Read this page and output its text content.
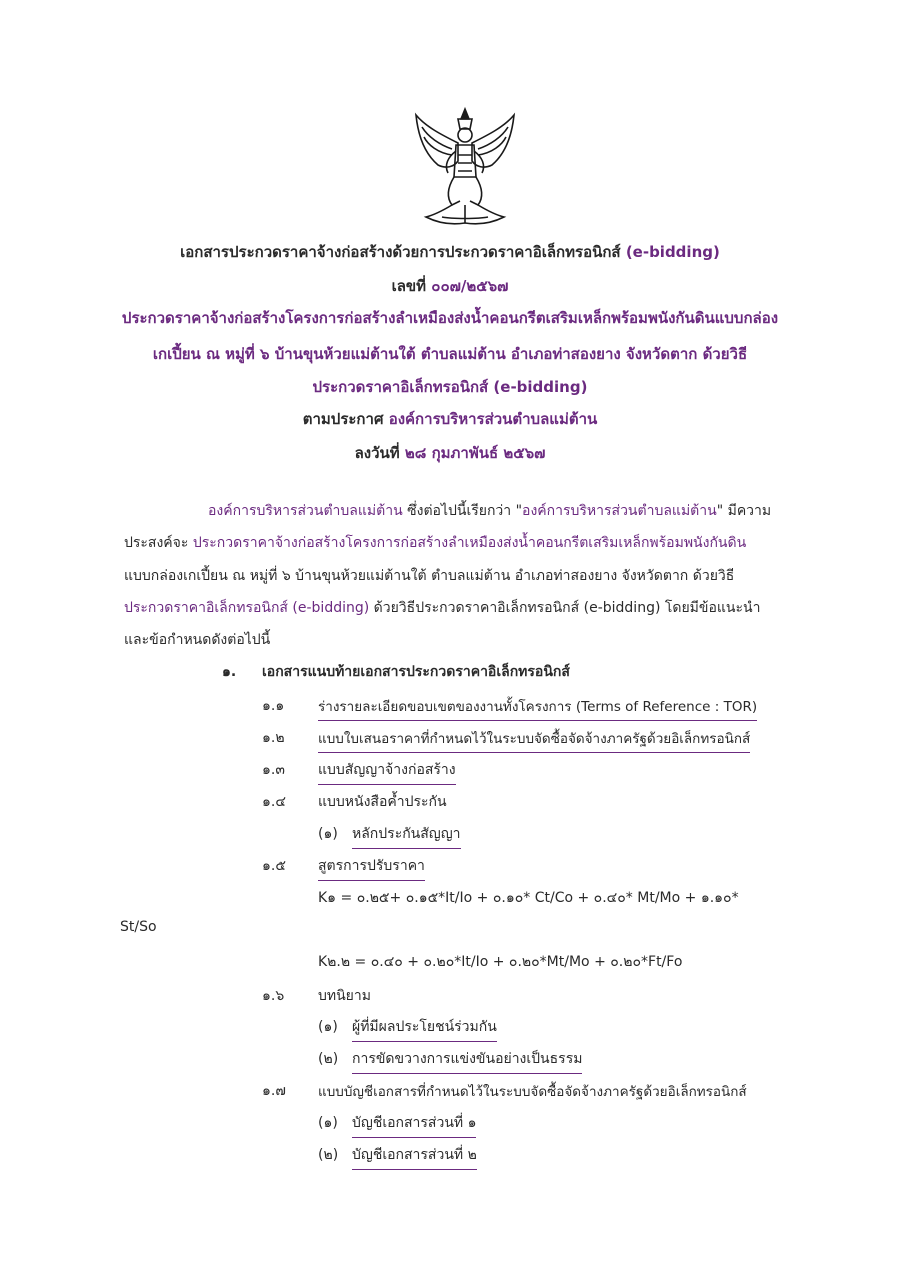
เอกสารประกวดราคาจ้างก่อสร้างด้วยการประกวดราคาอิเล็กทรอนิกส์ (e-bidding)
เลขที่ ๐๐๗/๒๕๖๗
ประกวดราคาจ้างก่อสร้างโครงการก่อสร้างลำเหมืองส่งน้ำคอนกรีตเสริมเหล็กพร้อมพนังกันดินแบบกล่อง
เกเปี้ยน ณ หมู่ที่ ๖ บ้านขุนห้วยแม่ต้านใต้ ตำบลแม่ต้าน อำเภอท่าสองยาง จังหวัดตาก ด้วยวิธี
ประกวดราคาอิเล็กทรอนิกส์ (e-bidding)
ตามประกาศ องค์การบริหารส่วนตำบลแม่ต้าน
ลงวันที่ ๒๘ กุมภาพันธ์ ๒๕๖๗
องค์การบริหารส่วนตำบลแม่ต้าน ซึ่งต่อไปนี้เรียกว่า "องค์การบริหารส่วนตำบลแม่ต้าน" มีความ
ประสงค์จะ ประกวดราคาจ้างก่อสร้างโครงการก่อสร้างลำเหมืองส่งน้ำคอนกรีตเสริมเหล็กพร้อมพนังกันดิน
แบบกล่องเกเปี้ยน ณ หมู่ที่ ๖ บ้านขุนห้วยแม่ต้านใต้ ตำบลแม่ต้าน อำเภอท่าสองยาง จังหวัดตาก ด้วยวิธี
ประกวดราคาอิเล็กทรอนิกส์ (e-bidding) ด้วยวิธีประกวดราคาอิเล็กทรอนิกส์ (e-bidding) โดยมีข้อแนะนำ
และข้อกำหนดดังต่อไปนี้
๑. เอกสารแนบท้ายเอกสารประกวดราคาอิเล็กทรอนิกส์
๑.๑	ร่างรายละเอียดขอบเขตของงานทั้งโครงการ (Terms of Reference : TOR)
๑.๒ แบบใบเสนอราคาที่กำหนดไว้ในระบบจัดซื้อจัดจ้างภาครัฐด้วยอิเล็กทรอนิกส์
๑.๓ แบบสัญญาจ้างก่อสร้าง
๑.๔ แบบหนังสือค้ำประกัน
(๑) หลักประกันสัญญา
๑.๕ สูตรการปรับราคา
K๑ = ๐.๒๕+ ๐.๑๕*It/Io + ๐.๑๐* Ct/Co + ๐.๔๐* Mt/Mo + ๑.๑๐*
St/So
K๒.๒ = ๐.๔๐ + ๐.๒๐*It/Io + ๐.๒๐*Mt/Mo + ๐.๒๐*Ft/Fo
๑.๖ บทนิยาม
(๑) ผู้ที่มีผลประโยชน์ร่วมกัน
(๒) การขัดขวางการแข่งขันอย่างเป็นธรรม
๑.๗ แบบบัญชีเอกสารที่กำหนดไว้ในระบบจัดซื้อจัดจ้างภาครัฐด้วยอิเล็กทรอนิกส์
(๑) บัญชีเอกสารส่วนที่ ๑
(๒) บัญชีเอกสารส่วนที่ ๒
